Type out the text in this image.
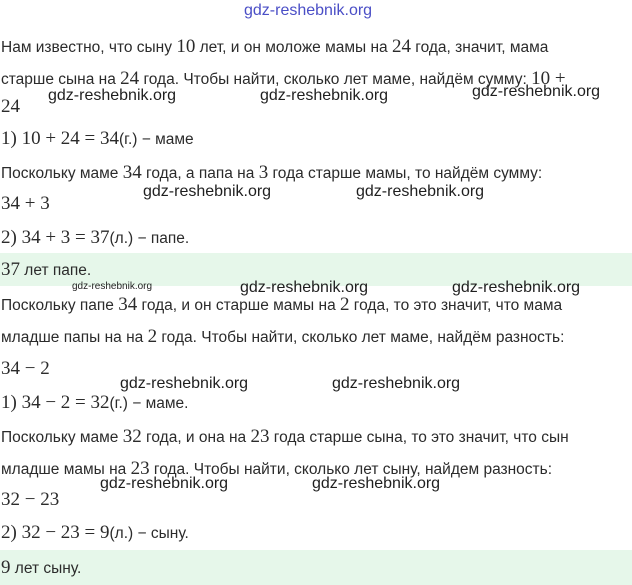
gdz-reshebnik.org
Нам известно, что сыну 10 лет, и он моложе мамы на 24 года, значит, мама
старше сына на 24 года. Чтобы найти, сколько лет маме, найдём сумму: 10 +
24
1) 10 + 24 = 34(г.) − маме
Поскольку маме 34 года, а папа на 3 года старше мамы, то найдём сумму:
34 + 3
2) 34 + 3 = 37(л.) − папе.
37 лет папе.
Поскольку папе 34 года, и он старше мамы на 2 года, то это значит, что мама
младше папы на на 2 года. Чтобы найти, сколько лет маме, найдём разность:
34 − 2
1) 34 − 2 = 32(г.) − маме.
Поскольку маме 32 года, и она на 23 года старше сына, то это значит, что сын
младше мамы на 23 года. Чтобы найти, сколько лет сыну, найдем разность:
32 − 23
2) 32 − 23 = 9(л.) − сыну.
9 лет сыну.
gdz-reshebnik.org	gdz-reshebnik.org	gdz-reshebnik.org
gdz-reshebnik.org	gdz-reshebnik.org
gdz-reshebnik.org	gdz-reshebnik.org	gdz-reshebnik.org
gdz-reshebnik.org	gdz-reshebnik.org
gdz-reshebnik.org	gdz-reshebnik.org
